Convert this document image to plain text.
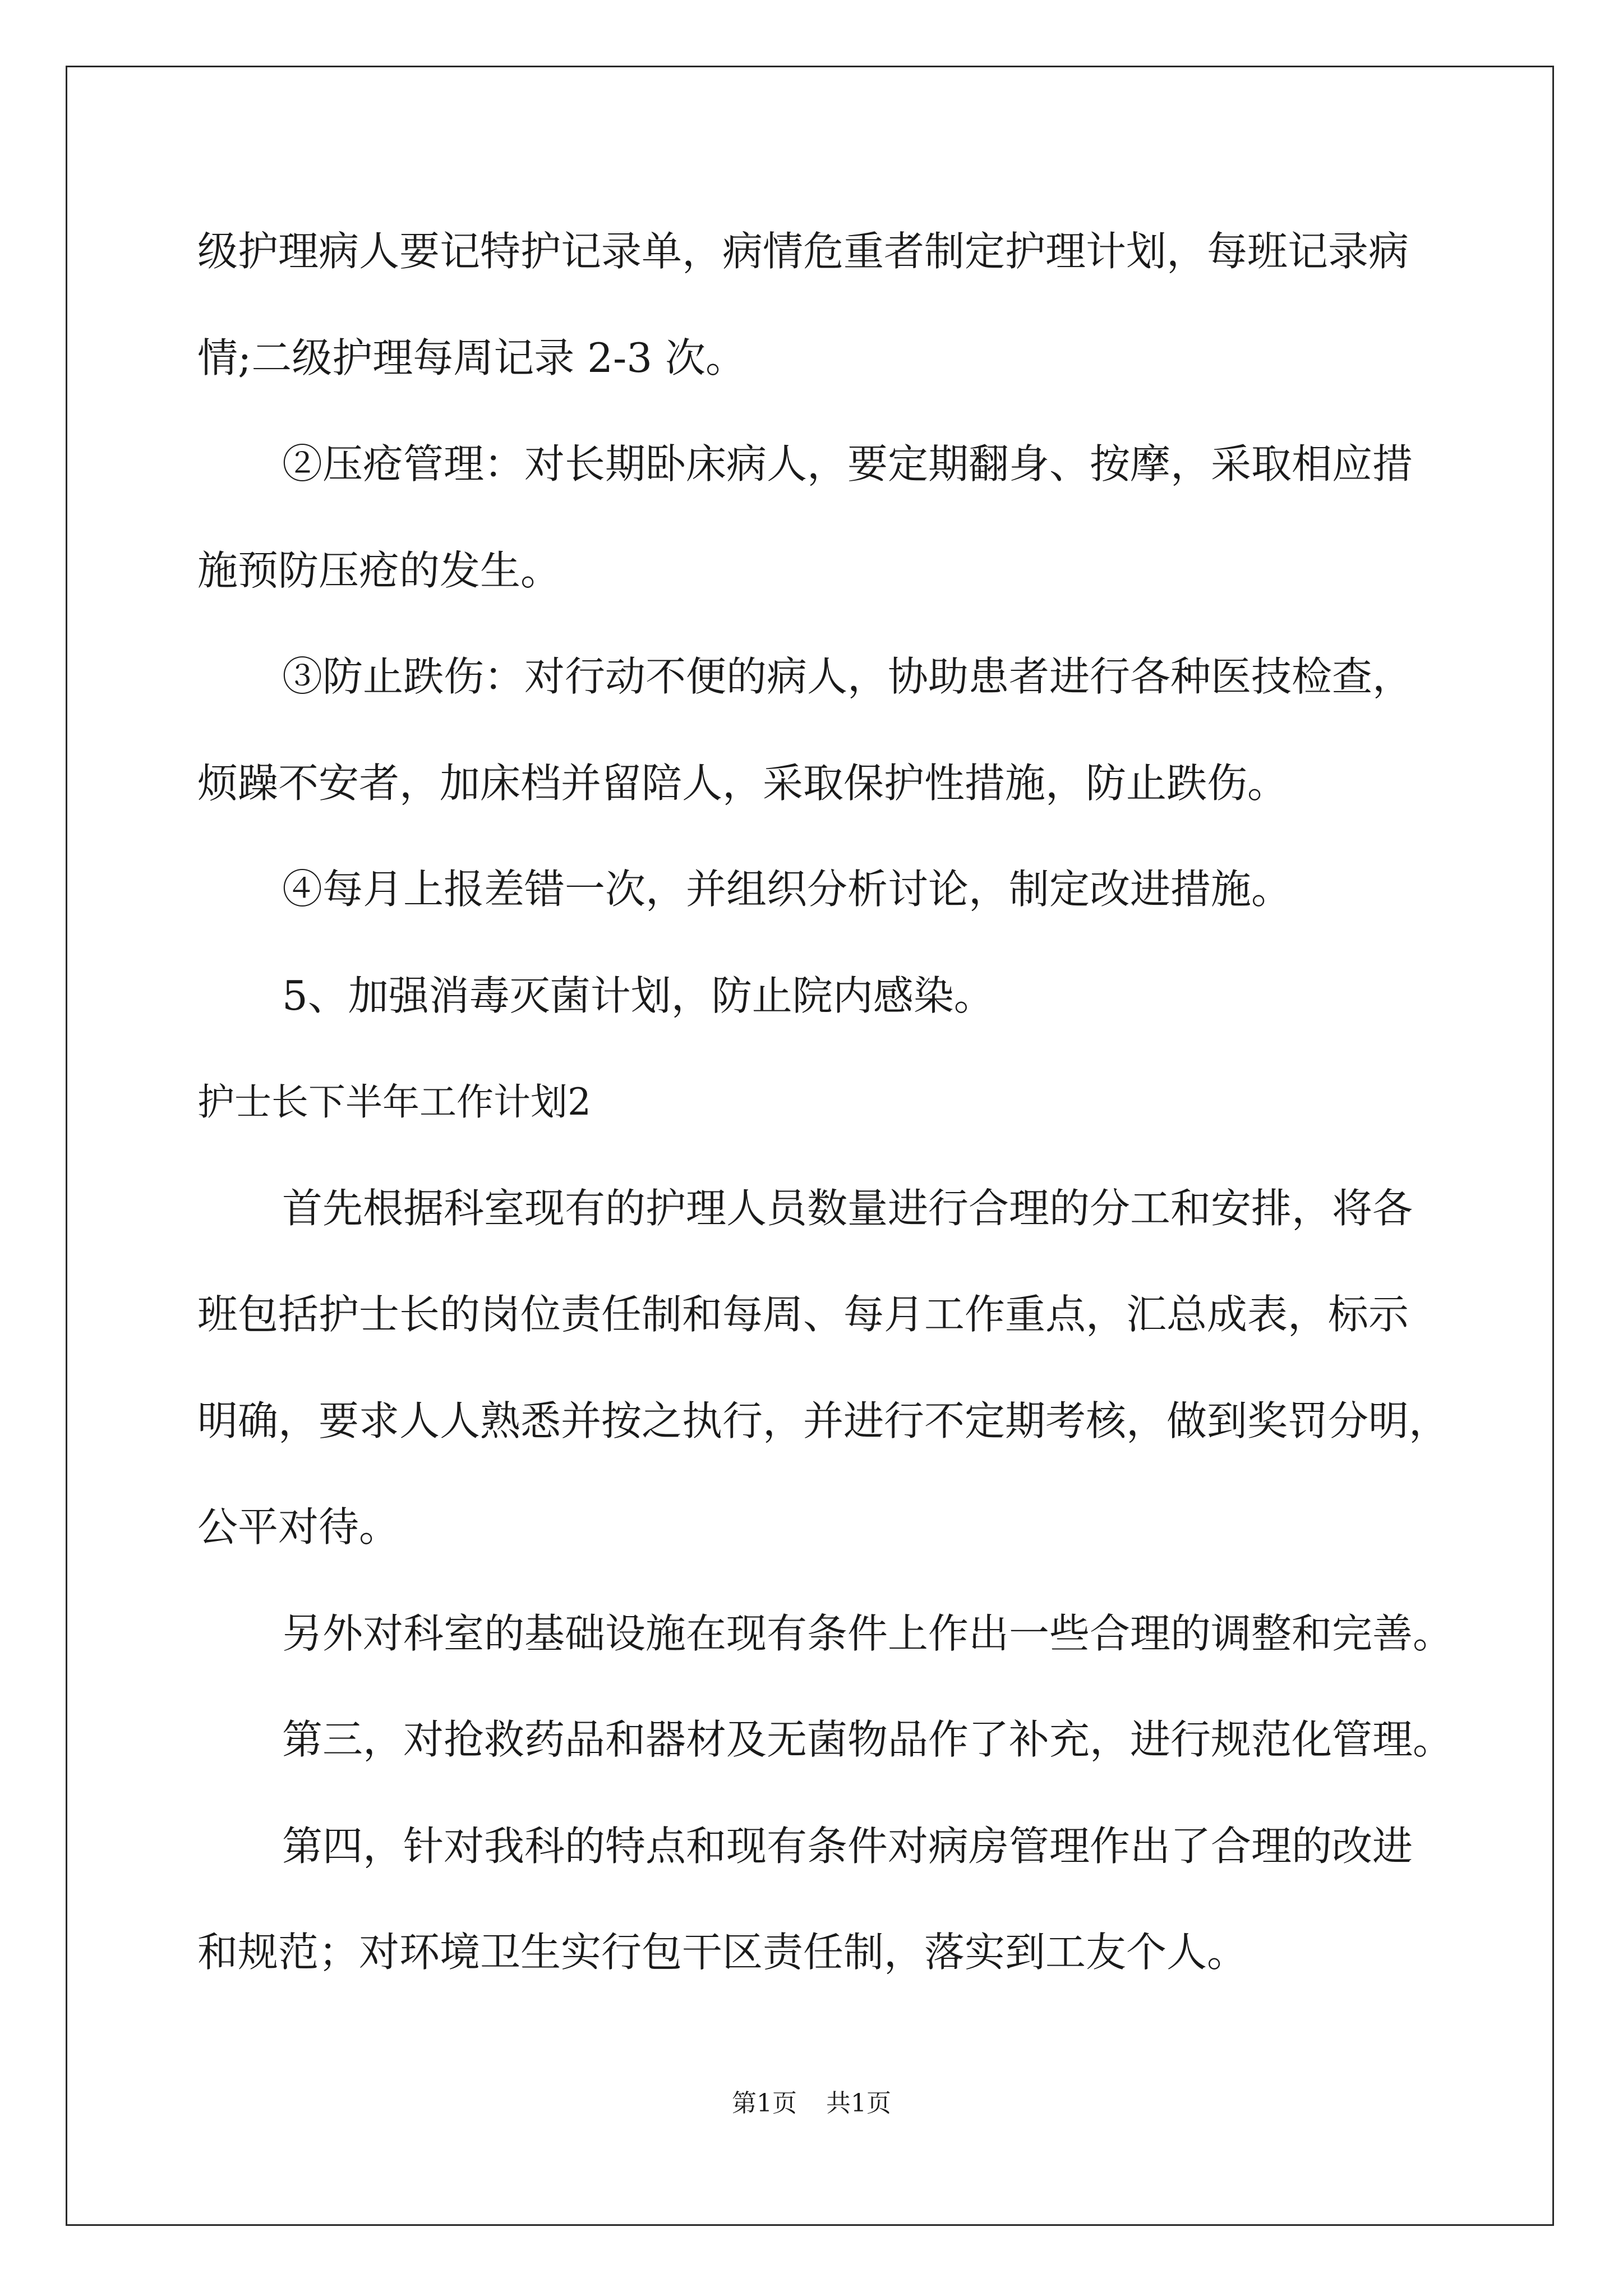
级护理病人要记特护记录单，病情危重者制定护理计划，每班记录病
情;二级护理每周记录 2-3 次。
②压疮管理：对长期卧床病人，要定期翻身、按摩，采取相应措
施预防压疮的发生。
③防止跌伤：对行动不便的病人，协助患者进行各种医技检查，
烦躁不安者，加床档并留陪人，采取保护性措施，防止跌伤。
④每月上报差错一次，并组织分析讨论，制定改进措施。
5、加强消毒灭菌计划，防止院内感染。
护士长下半年工作计划2
首先根据科室现有的护理人员数量进行合理的分工和安排，将各
班包括护士长的岗位责任制和每周、每月工作重点，汇总成表，标示
明确，要求人人熟悉并按之执行，并进行不定期考核，做到奖罚分明，
公平对待。
另外对科室的基础设施在现有条件上作出一些合理的调整和完善。
第三，对抢救药品和器材及无菌物品作了补充，进行规范化管理。
第四，针对我科的特点和现有条件对病房管理作出了合理的改进
和规范；对环境卫生实行包干区责任制，落实到工友个人。
第1页 共1页
